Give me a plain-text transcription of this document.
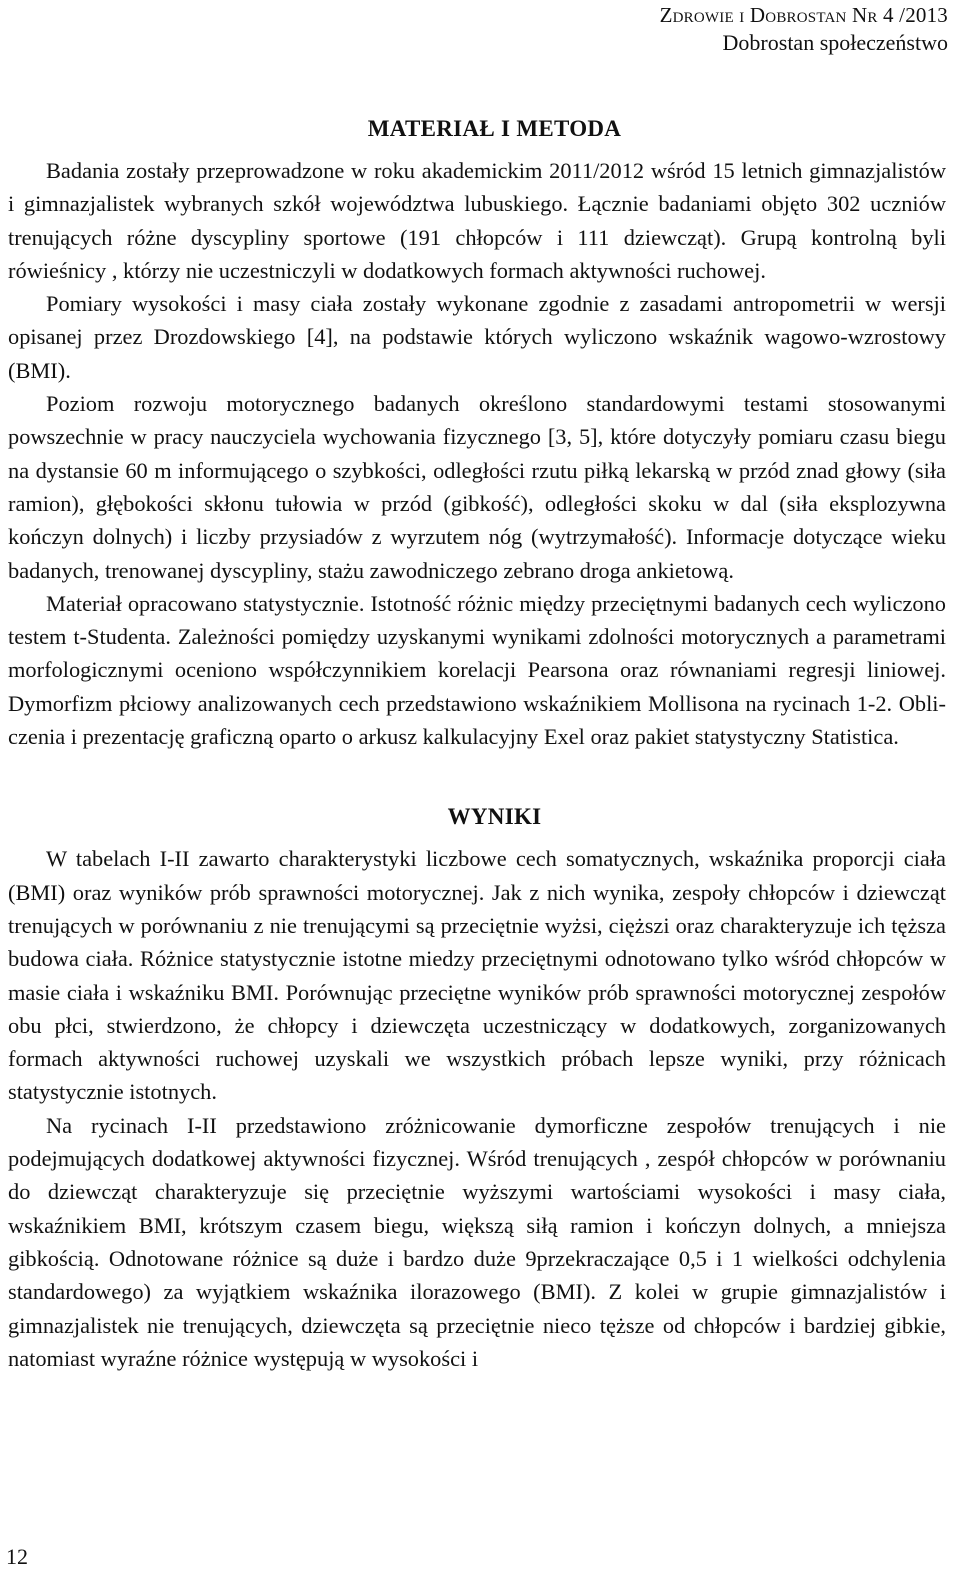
Zdrowie i Dobrostan Nr 4 /2013
Dobrostan społeczeństwo
MATERIAŁ I METODA

Badania zostały przeprowadzone w roku akademickim 2011/2012 wśród 15 letnich gimnazjalistów i gimnazjalistek wybranych szkół województwa lubuskiego. Łącznie badaniami objęto 302 uczniów trenujących różne dyscypliny sportowe (191 chłopców i 111 dziewcząt). Grupą kontrolną byli rówieśnicy , którzy nie uczestniczyli w dodatkowych formach aktywności ruchowej.

Pomiary wysokości i masy ciała zostały wykonane zgodnie z zasadami antropometrii w wersji opisanej przez Drozdowskiego [4], na podstawie których wyliczono wskaźnik wagowo-wzrostowy (BMI).

Poziom rozwoju motorycznego badanych określono standardowymi testami stosowanymi powszechnie w pracy nauczyciela wychowania fizycznego [3, 5], które dotyczyły pomiaru czasu biegu na dystansie 60 m informującego o szybkości, odległości rzutu piłką lekarską w przód znad głowy (siła ramion), głębokości skłonu tułowia w przód (gibkość), odległości skoku w dal (siła eksplozywna kończyn dolnych) i liczby przysiadów z wyrzutem nóg (wytrzymałość). Informacje dotyczące wieku badanych, trenowanej dyscypliny, stażu zawodniczego zebrano droga ankietową.

Materiał opracowano statystycznie. Istotność różnic między przeciętnymi badanych cech wyliczono testem t-Studenta. Zależności pomiędzy uzyskanymi wynikami zdolności motorycznych a parametrami morfologicznymi oceniono współczynnikiem korelacji Pearsona oraz równaniami regresji liniowej. Dymorfizm płciowy analizowanych cech przedstawiono wskaźnikiem Mollisona na rycinach 1-2. Obliczenia i prezentację graficzną oparto o arkusz kalkulacyjny Exel oraz pakiet statystyczny Statistica.

WYNIKI

W tabelach I-II zawarto charakterystyki liczbowe cech somatycznych, wskaźnika proporcji ciała (BMI) oraz wyników prób sprawności motorycznej. Jak z nich wynika, zespoły chłopców i dziewcząt trenujących w porównaniu z nie trenującymi są przeciętnie wyżsi, cięższi oraz charakteryzuje ich tęższa budowa ciała. Różnice statystycznie istotne miedzy przeciętnymi odnotowano tylko wśród chłopców w masie ciała i wskaźniku BMI. Porównując przeciętne wyników prób sprawności motorycznej zespołów obu płci, stwierdzono, że chłopcy i dziewczęta uczestniczący w dodatkowych, zorganizowanych formach aktywności ruchowej uzyskali we wszystkich próbach lepsze wyniki, przy różnicach statystycznie istotnych.

Na rycinach I-II przedstawiono zróżnicowanie dymorficzne zespołów trenujących i nie podejmujących dodatkowej aktywności fizycznej. Wśród trenujących , zespół chłopców w porównaniu do dziewcząt charakteryzuje się przeciętnie wyższymi wartościami wysokości i masy ciała, wskaźnikiem BMI, krótszym czasem biegu, większą siłą ramion i kończyn dolnych, a mniejsza gibkością. Odnotowane różnice są duże i bardzo duże 9przekraczające 0,5 i 1 wielkości odchylenia standardowego) za wyjątkiem wskaźnika ilorazowego (BMI). Z kolei w grupie gimnazjalistów i gimnazjalistek nie trenujących, dziewczęta są przeciętnie nieco tęższe od chłopców i bardziej gibkie, natomiast wyraźne różnice występują w wysokości i

12
